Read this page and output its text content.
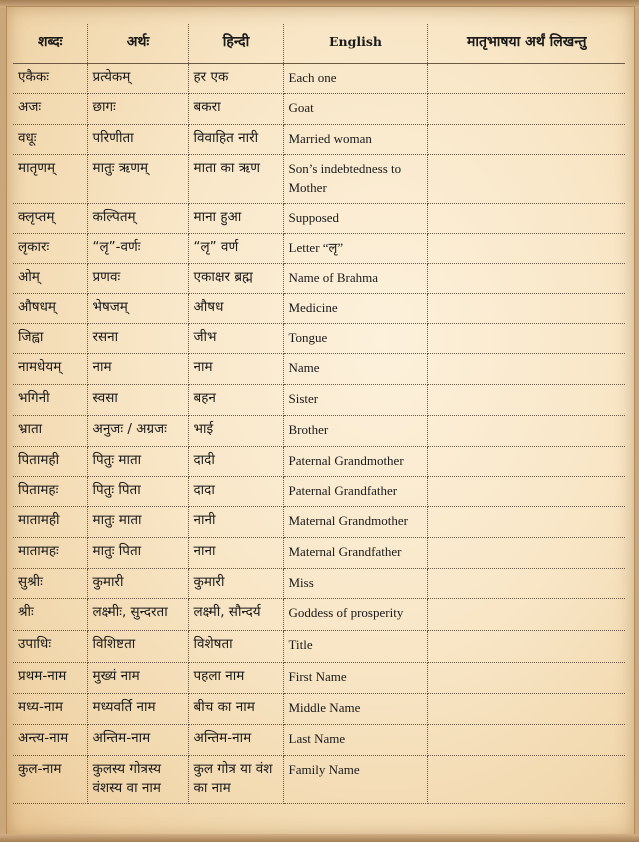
शब्दः	अर्थः	हिन्दी	English	मातृभाषया अर्थं लिखन्तु
एकैकः	प्रत्येकम्	हर एक	Each one	
अजः	छागः	बकरा	Goat	
वधूः	परिणीता	विवाहित नारी	Married woman	
मातृणम्	मातुः ऋणम्	माता का ऋण	Son’s indebtedness to Mother	
क्लृप्तम्	कल्पितम्	माना हुआ	Supposed	
लृकारः	“लृ”-वर्णः	“लृ” वर्ण	Letter “लृ”	
ओम्	प्रणवः	एकाक्षर ब्रह्म	Name of Brahma	
औषधम्	भेषजम्	औषध	Medicine	
जिह्वा	रसना	जीभ	Tongue	
नामधेयम्	नाम	नाम	Name	
भगिनी	स्वसा	बहन	Sister	
भ्राता	अनुजः / अग्रजः	भाई	Brother	
पितामही	पितुः माता	दादी	Paternal Grandmother	
पितामहः	पितुः पिता	दादा	Paternal Grandfather	
मातामही	मातुः माता	नानी	Maternal Grandmother	
मातामहः	मातुः पिता	नाना	Maternal Grandfather	
सुश्रीः	कुमारी	कुमारी	Miss	
श्रीः	लक्ष्मीः, सुन्दरता	लक्ष्मी, सौन्दर्य	Goddess of prosperity	
उपाधिः	विशिष्टता	विशेषता	Title	
प्रथम-नाम	मुख्यं नाम	पहला नाम	First Name	
मध्य-नाम	मध्यवर्ति नाम	बीच का नाम	Middle Name	
अन्त्य-नाम	अन्तिम-नाम	अन्तिम-नाम	Last Name	
कुल-नाम	कुलस्य गोत्रस्य वंशस्य वा नाम	कुल गोत्र या वंश का नाम	Family Name	
